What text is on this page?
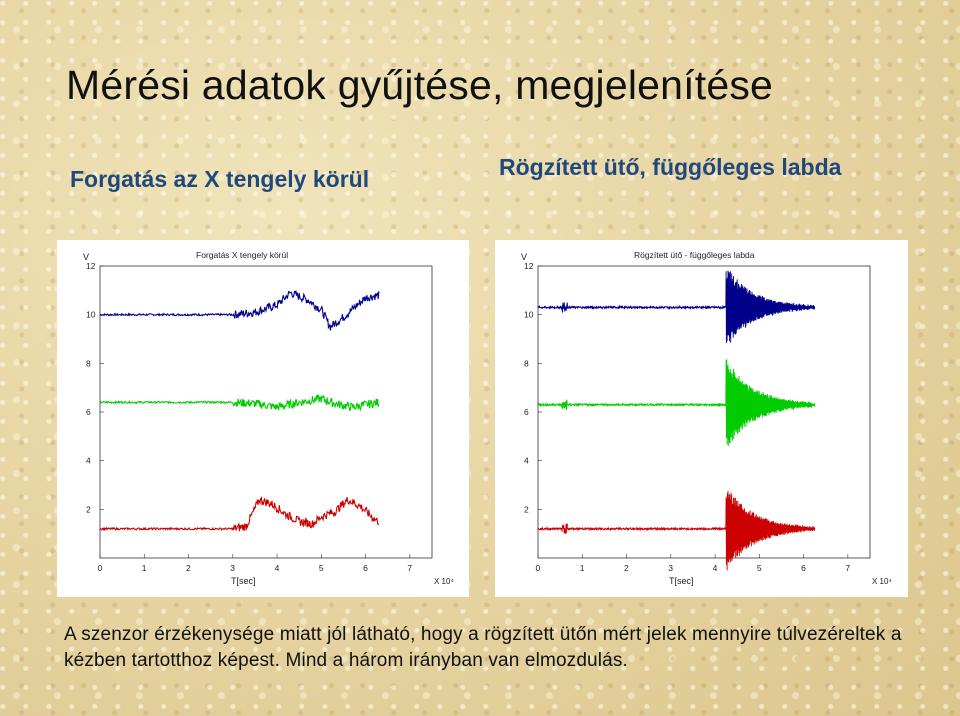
Mérési adatok gyűjtése, megjelenítése
Forgatás az X tengely körül	Rögzített ütő, függőleges labda
Forgatás X tengely körül
V
T[sec]	X 10⁴
0	1	2	3	4	5	6	7
2
4
6
8
10
12
Rögzített ütő - függőleges labda
V
T[sec]	X 10⁴
0	1	2	3	4	5	6	7
2
4
6
8
10
12

A szenzor érzékenysége miatt jól látható, hogy a rögzített ütőn mért jelek mennyire túlvezéreltek a kézben tartotthoz képest. Mind a három irányban van elmozdulás.
